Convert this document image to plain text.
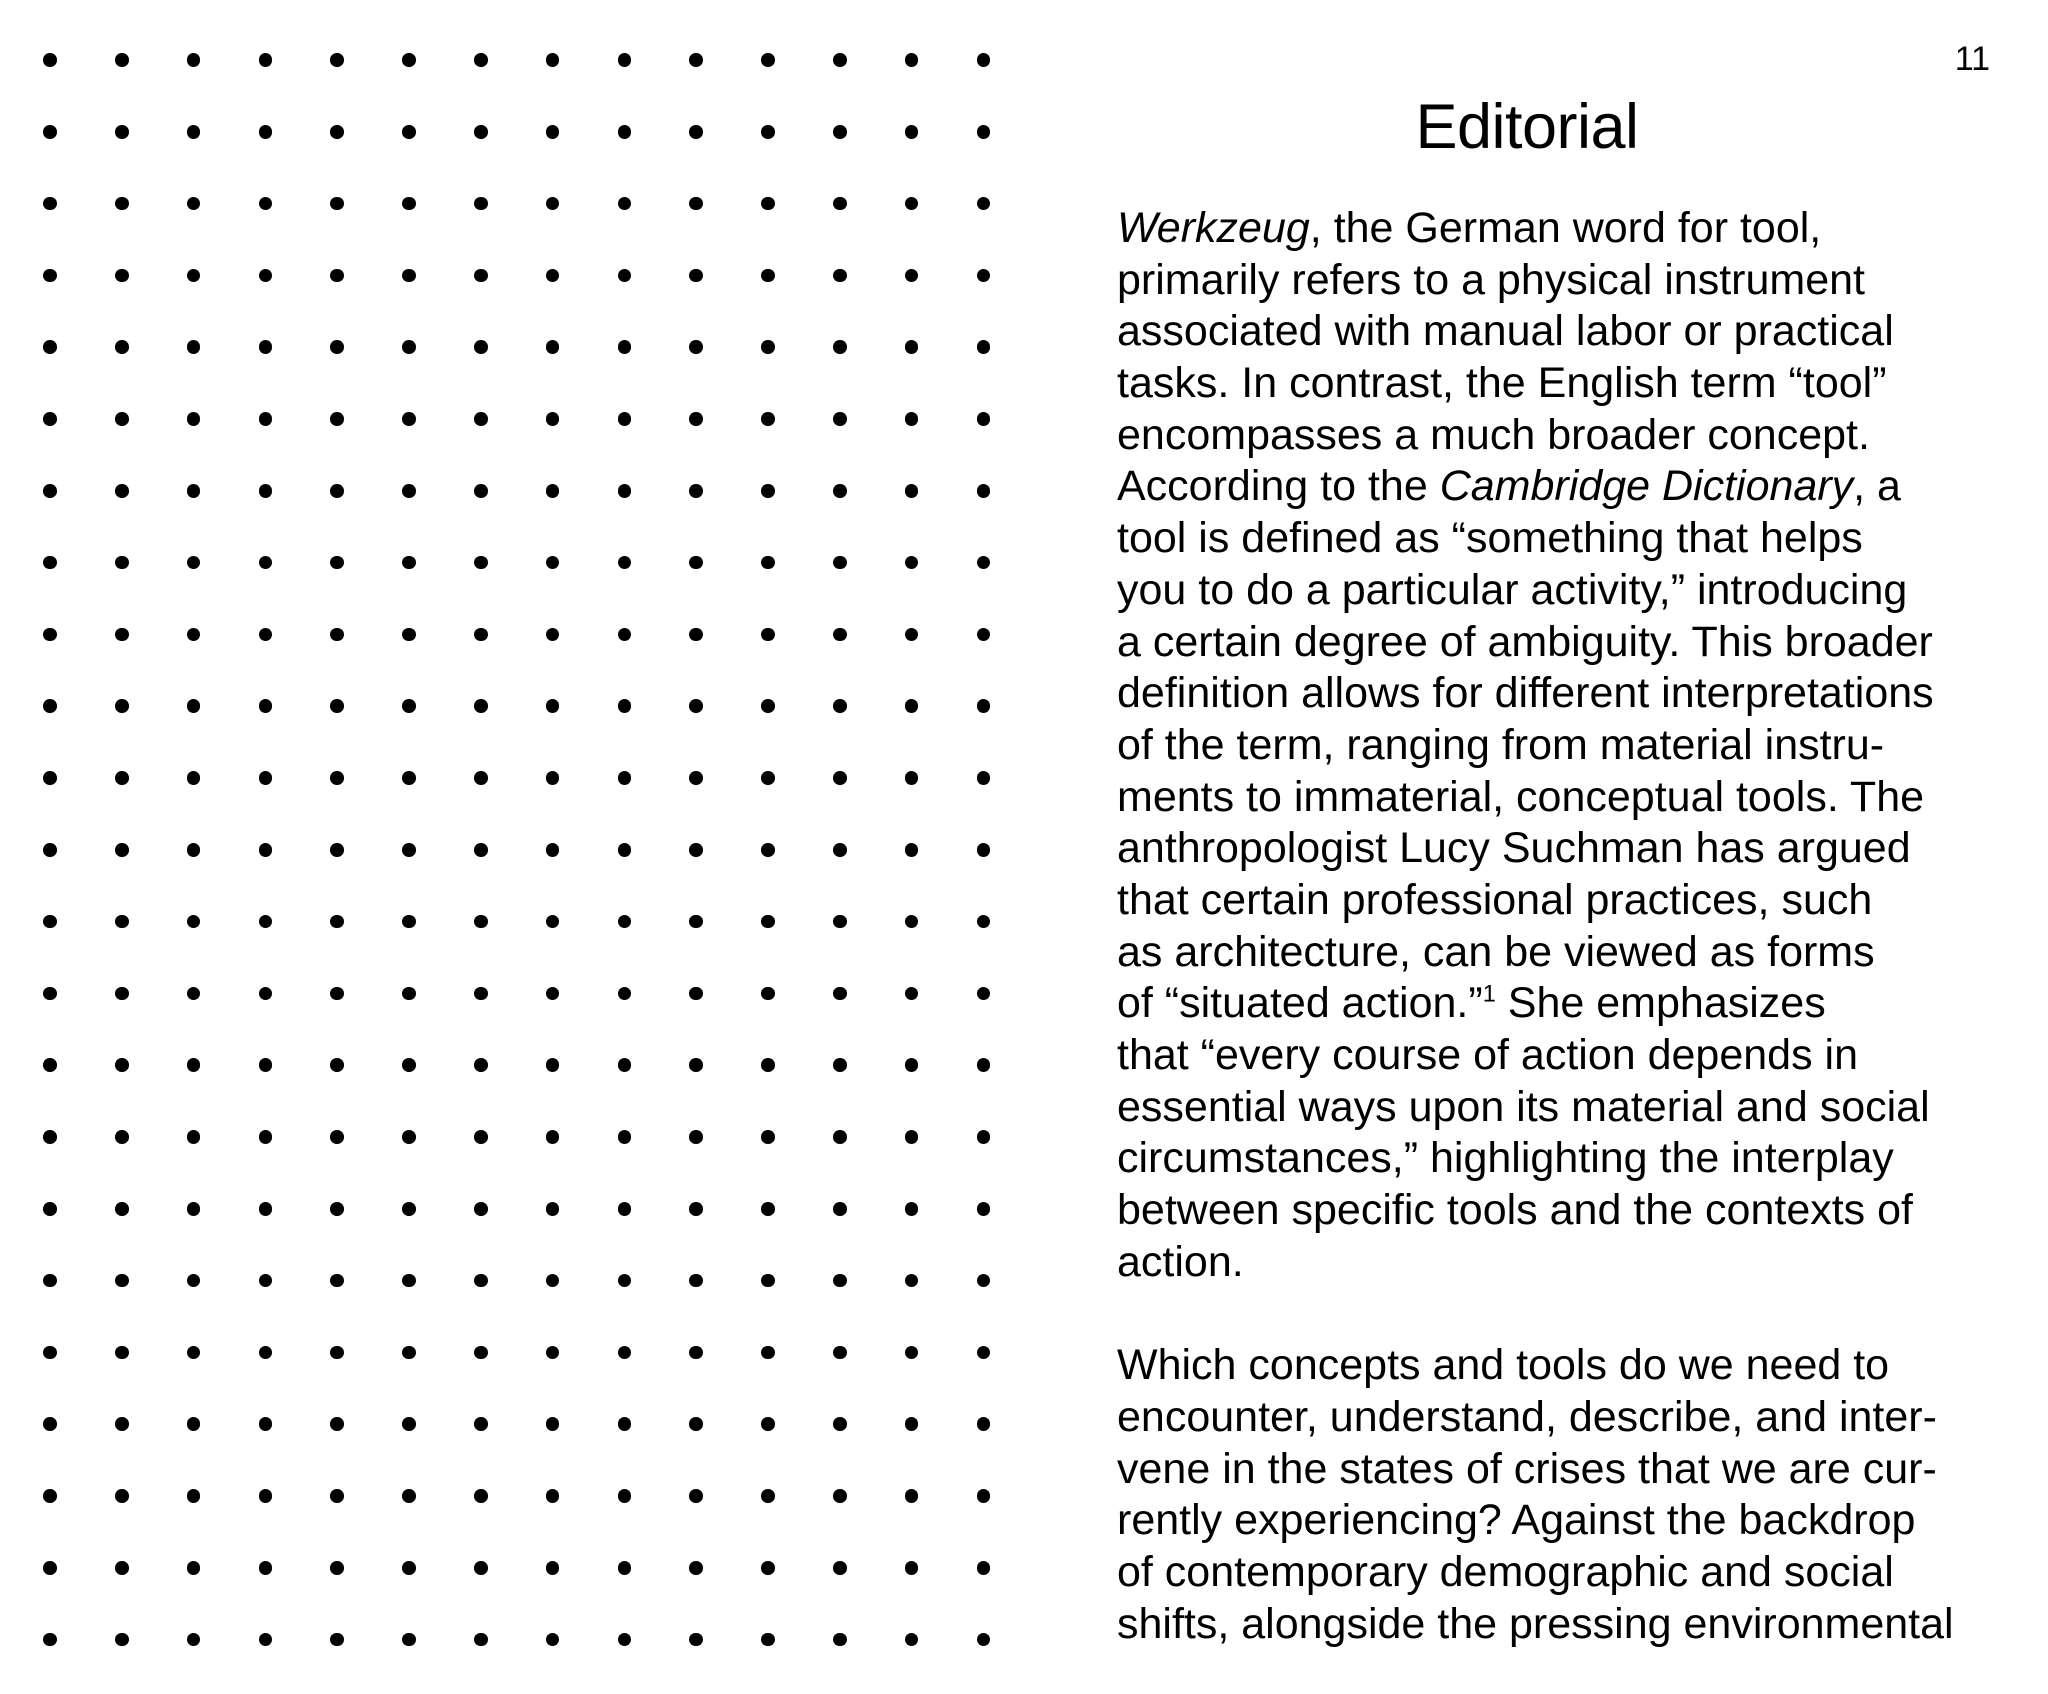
11
Editorial
Werkzeug, the German word for tool,
primarily refers to a physical instrument
associated with manual labor or practical
tasks. In contrast, the English term “tool”
encompasses a much broader concept.
According to the Cambridge Dictionary, a
tool is defined as “something that helps
you to do a particular activity,” introducing
a certain degree of ambiguity. This broader
definition allows for different interpretations
of the term, ranging from material instru-
ments to immaterial, conceptual tools. The
anthropologist Lucy Suchman has argued
that certain professional practices, such
as architecture, can be viewed as forms
of “situated action.”$^1$ She emphasizes
that “every course of action depends in
essential ways upon its material and social
circumstances,” highlighting the interplay
between specific tools and the contexts of
action.
Which concepts and tools do we need to
encounter, understand, describe, and inter-
vene in the states of crises that we are cur-
rently experiencing? Against the backdrop
of contemporary demographic and social
shifts, alongside the pressing environmental
